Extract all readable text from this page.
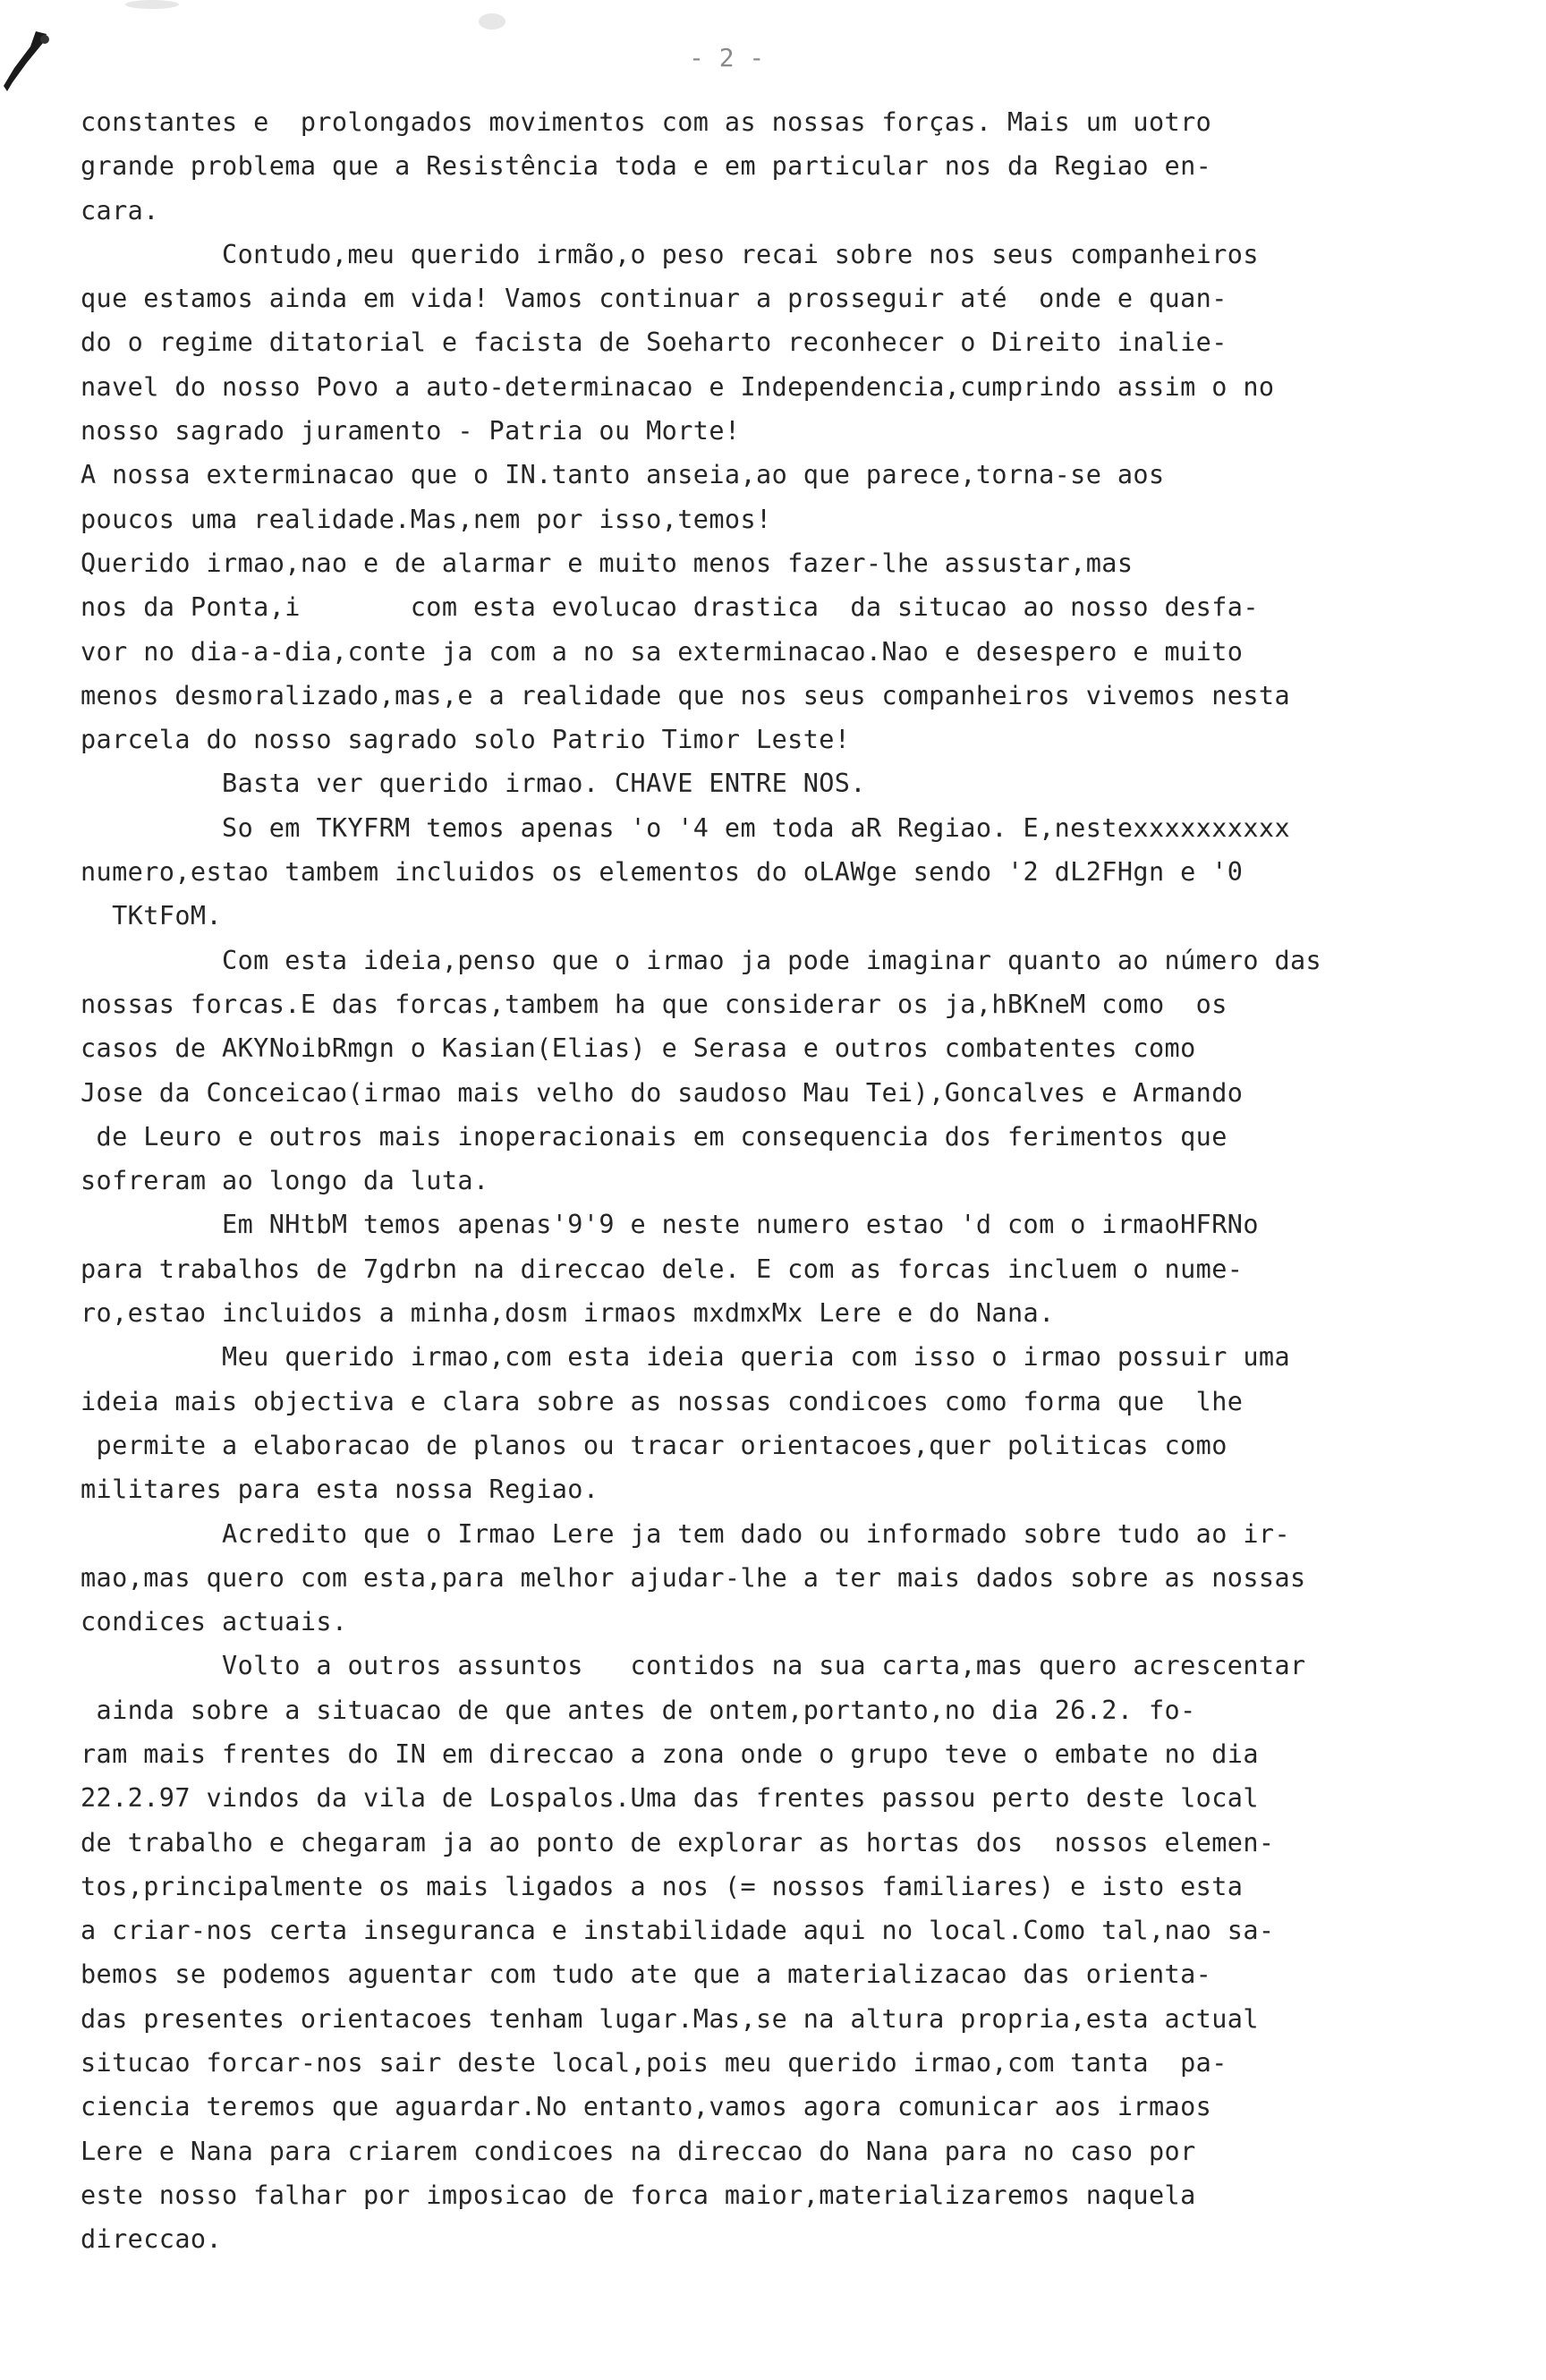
- 2 -
constantes e  prolongados movimentos com as nossas forças. Mais um uotro
grande problema que a Resistência toda e em particular nos da Regiao en-
cara.
Contudo,meu querido irmão,o peso recai sobre nos seus companheiros
que estamos ainda em vida! Vamos continuar a prosseguir até  onde e quan-
do o regime ditatorial e facista de Soeharto reconhecer o Direito inalie-
navel do nosso Povo a auto-determinacao e Independencia,cumprindo assim o no
nosso sagrado juramento - Patria ou Morte!
A nossa exterminacao que o IN.tanto anseia,ao que parece,torna-se aos
poucos uma realidade.Mas,nem por isso,temos!
Querido irmao,nao e de alarmar e muito menos fazer-lhe assustar,mas
nos da Ponta,i       com esta evolucao drastica  da situcao ao nosso desfa-
vor no dia-a-dia,conte ja com a no sa exterminacao.Nao e desespero e muito
menos desmoralizado,mas,e a realidade que nos seus companheiros vivemos nesta
parcela do nosso sagrado solo Patrio Timor Leste!
Basta ver querido irmao. CHAVE ENTRE NOS.
So em TKYFRM temos apenas 'o '4 em toda aR Regiao. E,nestexxxxxxxxxx
numero,estao tambem incluidos os elementos do oLAWge sendo '2 dL2FHgn e '0
TKtFoM.
Com esta ideia,penso que o irmao ja pode imaginar quanto ao número das
nossas forcas.E das forcas,tambem ha que considerar os ja,hBKneM como  os
casos de AKYNoibRmgn o Kasian(Elias) e Serasa e outros combatentes como
Jose da Conceicao(irmao mais velho do saudoso Mau Tei),Goncalves e Armando
de Leuro e outros mais inoperacionais em consequencia dos ferimentos que
sofreram ao longo da luta.
Em NHtbM temos apenas'9'9 e neste numero estao 'd com o irmaoHFRNo
para trabalhos de 7gdrbn na direccao dele. E com as forcas incluem o nume-
ro,estao incluidos a minha,dosm irmaos mxdmxMx Lere e do Nana.
Meu querido irmao,com esta ideia queria com isso o irmao possuir uma
ideia mais objectiva e clara sobre as nossas condicoes como forma que  lhe
permite a elaboracao de planos ou tracar orientacoes,quer politicas como
militares para esta nossa Regiao.
Acredito que o Irmao Lere ja tem dado ou informado sobre tudo ao ir-
mao,mas quero com esta,para melhor ajudar-lhe a ter mais dados sobre as nossas
condices actuais.
Volto a outros assuntos   contidos na sua carta,mas quero acrescentar
ainda sobre a situacao de que antes de ontem,portanto,no dia 26.2. fo-
ram mais frentes do IN em direccao a zona onde o grupo teve o embate no dia
22.2.97 vindos da vila de Lospalos.Uma das frentes passou perto deste local
de trabalho e chegaram ja ao ponto de explorar as hortas dos  nossos elemen-
tos,principalmente os mais ligados a nos (= nossos familiares) e isto esta
a criar-nos certa inseguranca e instabilidade aqui no local.Como tal,nao sa-
bemos se podemos aguentar com tudo ate que a materializacao das orienta-
das presentes orientacoes tenham lugar.Mas,se na altura propria,esta actual
situcao forcar-nos sair deste local,pois meu querido irmao,com tanta  pa-
ciencia teremos que aguardar.No entanto,vamos agora comunicar aos irmaos
Lere e Nana para criarem condicoes na direccao do Nana para no caso por
este nosso falhar por imposicao de forca maior,materializaremos naquela
direccao.
